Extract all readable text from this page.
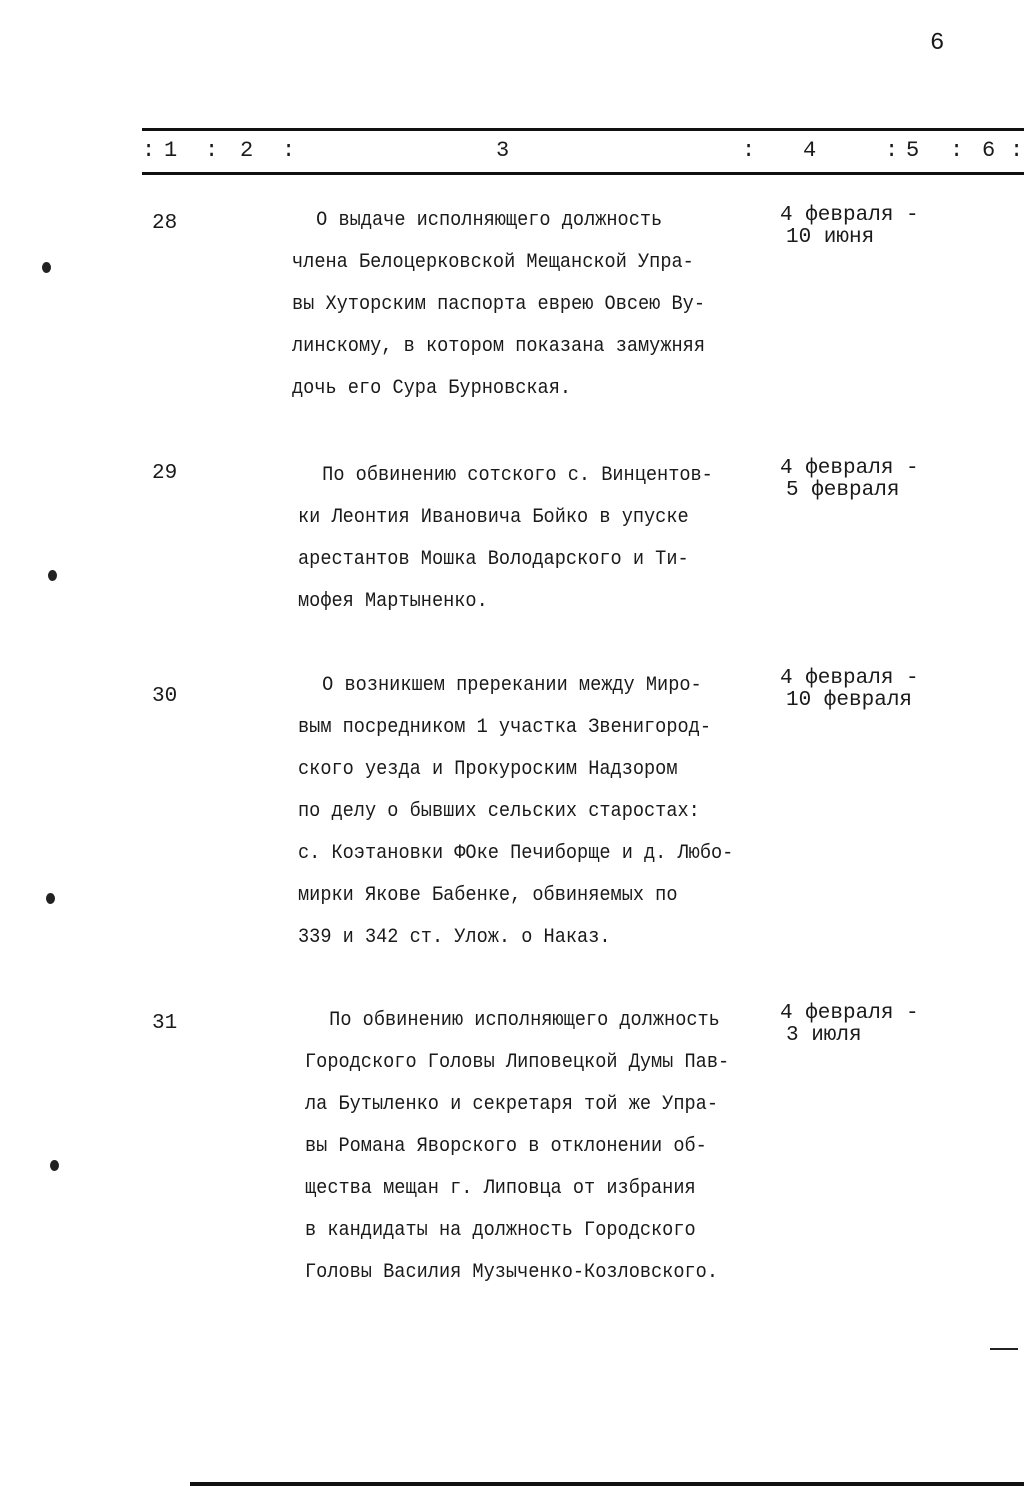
6
: 1 : 2 :	3	: 4	: 5 : 6 :
28	О выдаче исполняющего должность
члена Белоцерковской Мещанской Упра-
вы Хуторским паспорта еврею Овсею Ву-
линскому, в котором показана замужняя
дочь его Сура Бурновская.
4 февраля -
10 июня
29	По обвинению сотского с. Винцентов-
ки Леонтия Ивановича Бойко в упуске
арестантов Мошка Володарского и Ти-
мофея Мартыненко.
4 февраля -
5 февраля
30	О возникшем пререкании между Миро-
вым посредником 1 участка Звенигород-
ского уезда и Прокуроским Надзором
по делу о бывших сельских старостах:
с. Коэтановки ФОке Печиборще и д. Любо-
мирки Якове Бабенке, обвиняемых по
339 и 342 ст. Улож. о Наказ.
4 февраля -
10 февраля
31	По обвинению исполняющего должность
Городского Головы Липовецкой Думы Пав-
ла Бутыленко и секретаря той же Упра-
вы Романа Яворского в отклонении об-
щества мещан г. Липовца от избрания
в кандидаты на должность Городского
Головы Василия Музыченко-Козловского.
4 февраля -
3 июля
